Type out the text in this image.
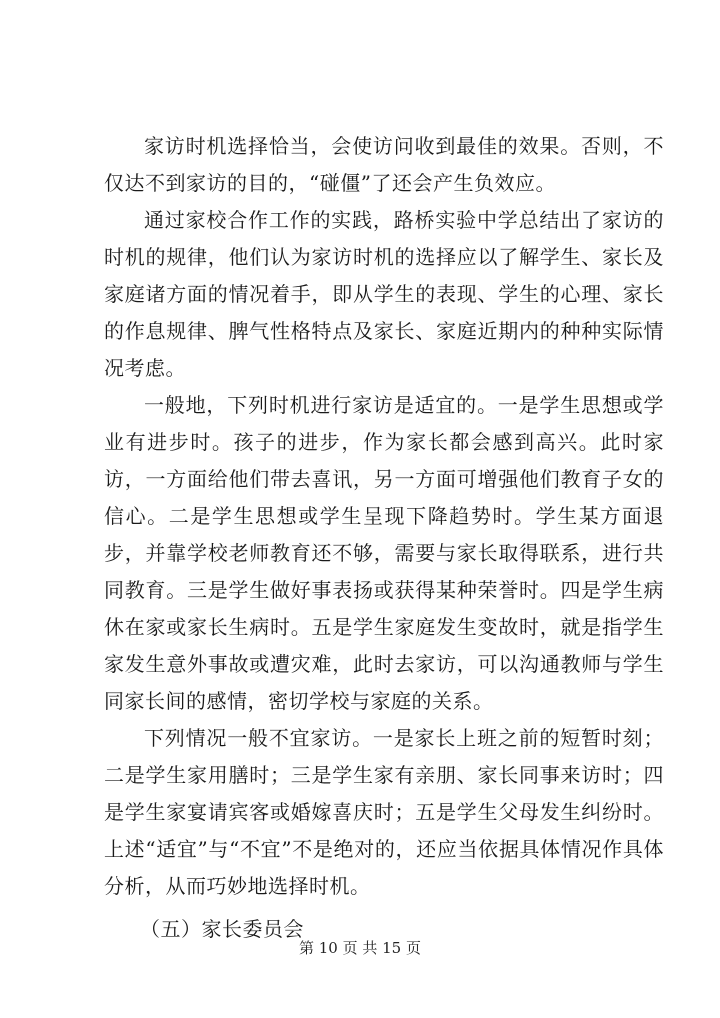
家访时机选择恰当，会使访问收到最佳的效果。否则，不仅达不到家访的目的，“碰僵”了还会产生负效应。

通过家校合作工作的实践，路桥实验中学总结出了家访的时机的规律，他们认为家访时机的选择应以了解学生、家长及家庭诸方面的情况着手，即从学生的表现、学生的心理、家长的作息规律、脾气性格特点及家长、家庭近期内的种种实际情况考虑。

一般地，下列时机进行家访是适宜的。一是学生思想或学业有进步时。孩子的进步，作为家长都会感到高兴。此时家访，一方面给他们带去喜讯，另一方面可增强他们教育子女的信心。二是学生思想或学生呈现下降趋势时。学生某方面退步，并靠学校老师教育还不够，需要与家长取得联系，进行共同教育。三是学生做好事表扬或获得某种荣誉时。四是学生病休在家或家长生病时。五是学生家庭发生变故时，就是指学生家发生意外事故或遭灾难，此时去家访，可以沟通教师与学生同家长间的感情，密切学校与家庭的关系。

下列情况一般不宜家访。一是家长上班之前的短暂时刻；二是学生家用膳时；三是学生家有亲朋、家长同事来访时；四是学生家宴请宾客或婚嫁喜庆时；五是学生父母发生纠纷时。上述“适宜”与“不宜”不是绝对的，还应当依据具体情况作具体分析，从而巧妙地选择时机。

（五）家长委员会

第 10 页 共 15 页
